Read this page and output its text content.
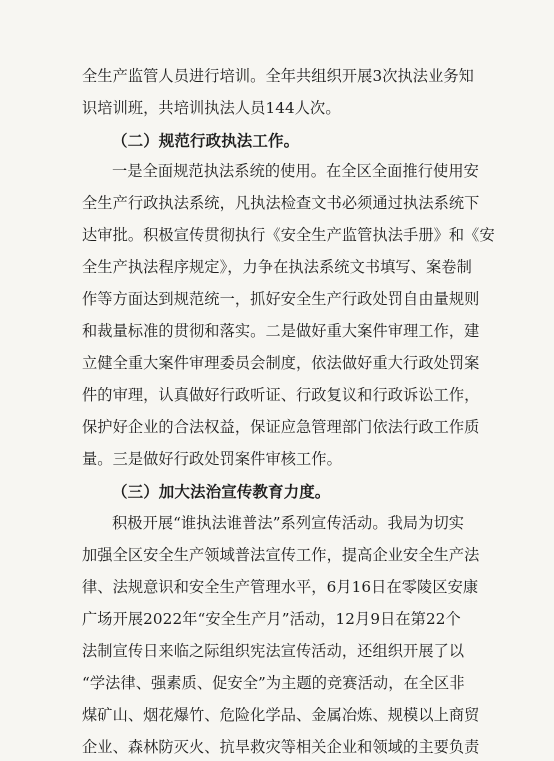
全生产监管人员进行培训。全年共组织开展3次执法业务知
识培训班，共培训执法人员144人次。
（二）规范行政执法工作。
一是全面规范执法系统的使用。在全区全面推行使用安
全生产行政执法系统，凡执法检查文书必须通过执法系统下
达审批。积极宣传贯彻执行《安全生产监管执法手册》和《安
全生产执法程序规定》，力争在执法系统文书填写、案卷制
作等方面达到规范统一，抓好安全生产行政处罚自由量规则
和裁量标准的贯彻和落实。二是做好重大案件审理工作，建
立健全重大案件审理委员会制度，依法做好重大行政处罚案
件的审理，认真做好行政听证、行政复议和行政诉讼工作，
保护好企业的合法权益，保证应急管理部门依法行政工作质
量。三是做好行政处罚案件审核工作。
（三）加大法治宣传教育力度。
积极开展“谁执法谁普法”系列宣传活动。我局为切实
加强全区安全生产领域普法宣传工作，提高企业安全生产法
律、法规意识和安全生产管理水平，6月16日在零陵区安康
广场开展2022年“安全生产月”活动，12月9日在第22个
法制宣传日来临之际组织宪法宣传活动，还组织开展了以
“学法律、强素质、促安全”为主题的竞赛活动，在全区非
煤矿山、烟花爆竹、危险化学品、金属冶炼、规模以上商贸
企业、森林防灭火、抗旱救灾等相关企业和领域的主要负责
